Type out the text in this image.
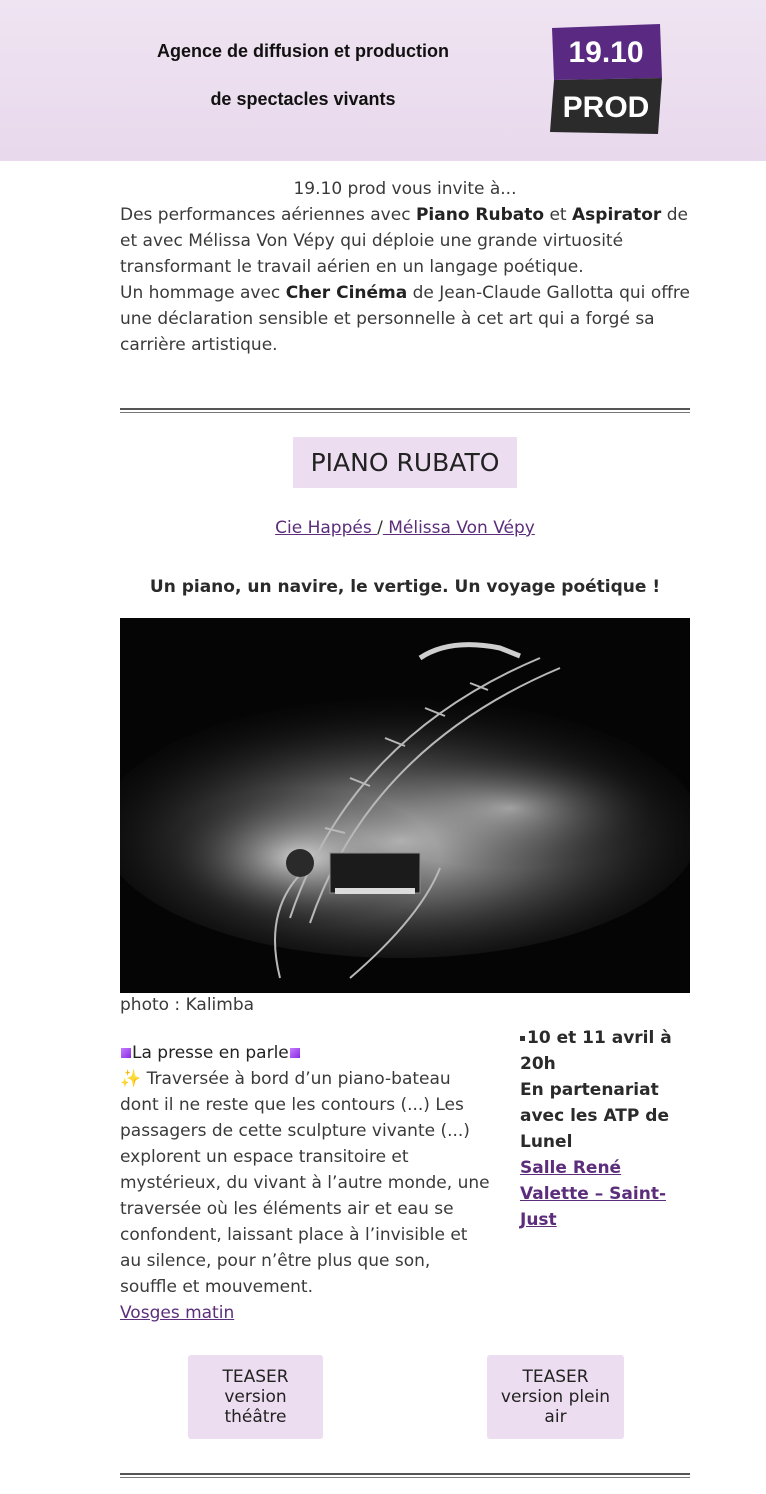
Agence de diffusion et production
de spectacles vivants
19.10
PROD

19.10 prod vous invite à...

Des performances aériennes avec Piano Rubato et Aspirator de et avec Mélissa Von Vépy qui déploie une grande virtuosité transformant le travail aérien en un langage poétique.

Un hommage avec Cher Cinéma de Jean-Claude Gallotta qui offre une déclaration sensible et personnelle à cet art qui a forgé sa carrière artistique.

PIANO RUBATO
Cie Happés / Mélissa Von Vépy
Un piano, un navire, le vertige. Un voyage poétique !
photo : Kalimba
La presse en parle
✨ Traversée à bord d’un piano-bateau dont il ne reste que les contours (...) Les passagers de cette sculpture vivante (...) explorent un espace transitoire et mystérieux, du vivant à l’autre monde, une traversée où les éléments air et eau se confondent, laissant place à l’invisible et au silence, pour n’être plus que son, souffle et mouvement.
Vosges matin
10 et 11 avril à 20h
En partenariat avec les ATP de Lunel
Salle René Valette – Saint-Just
TEASER
version
théâtre
TEASER
version plein
air
